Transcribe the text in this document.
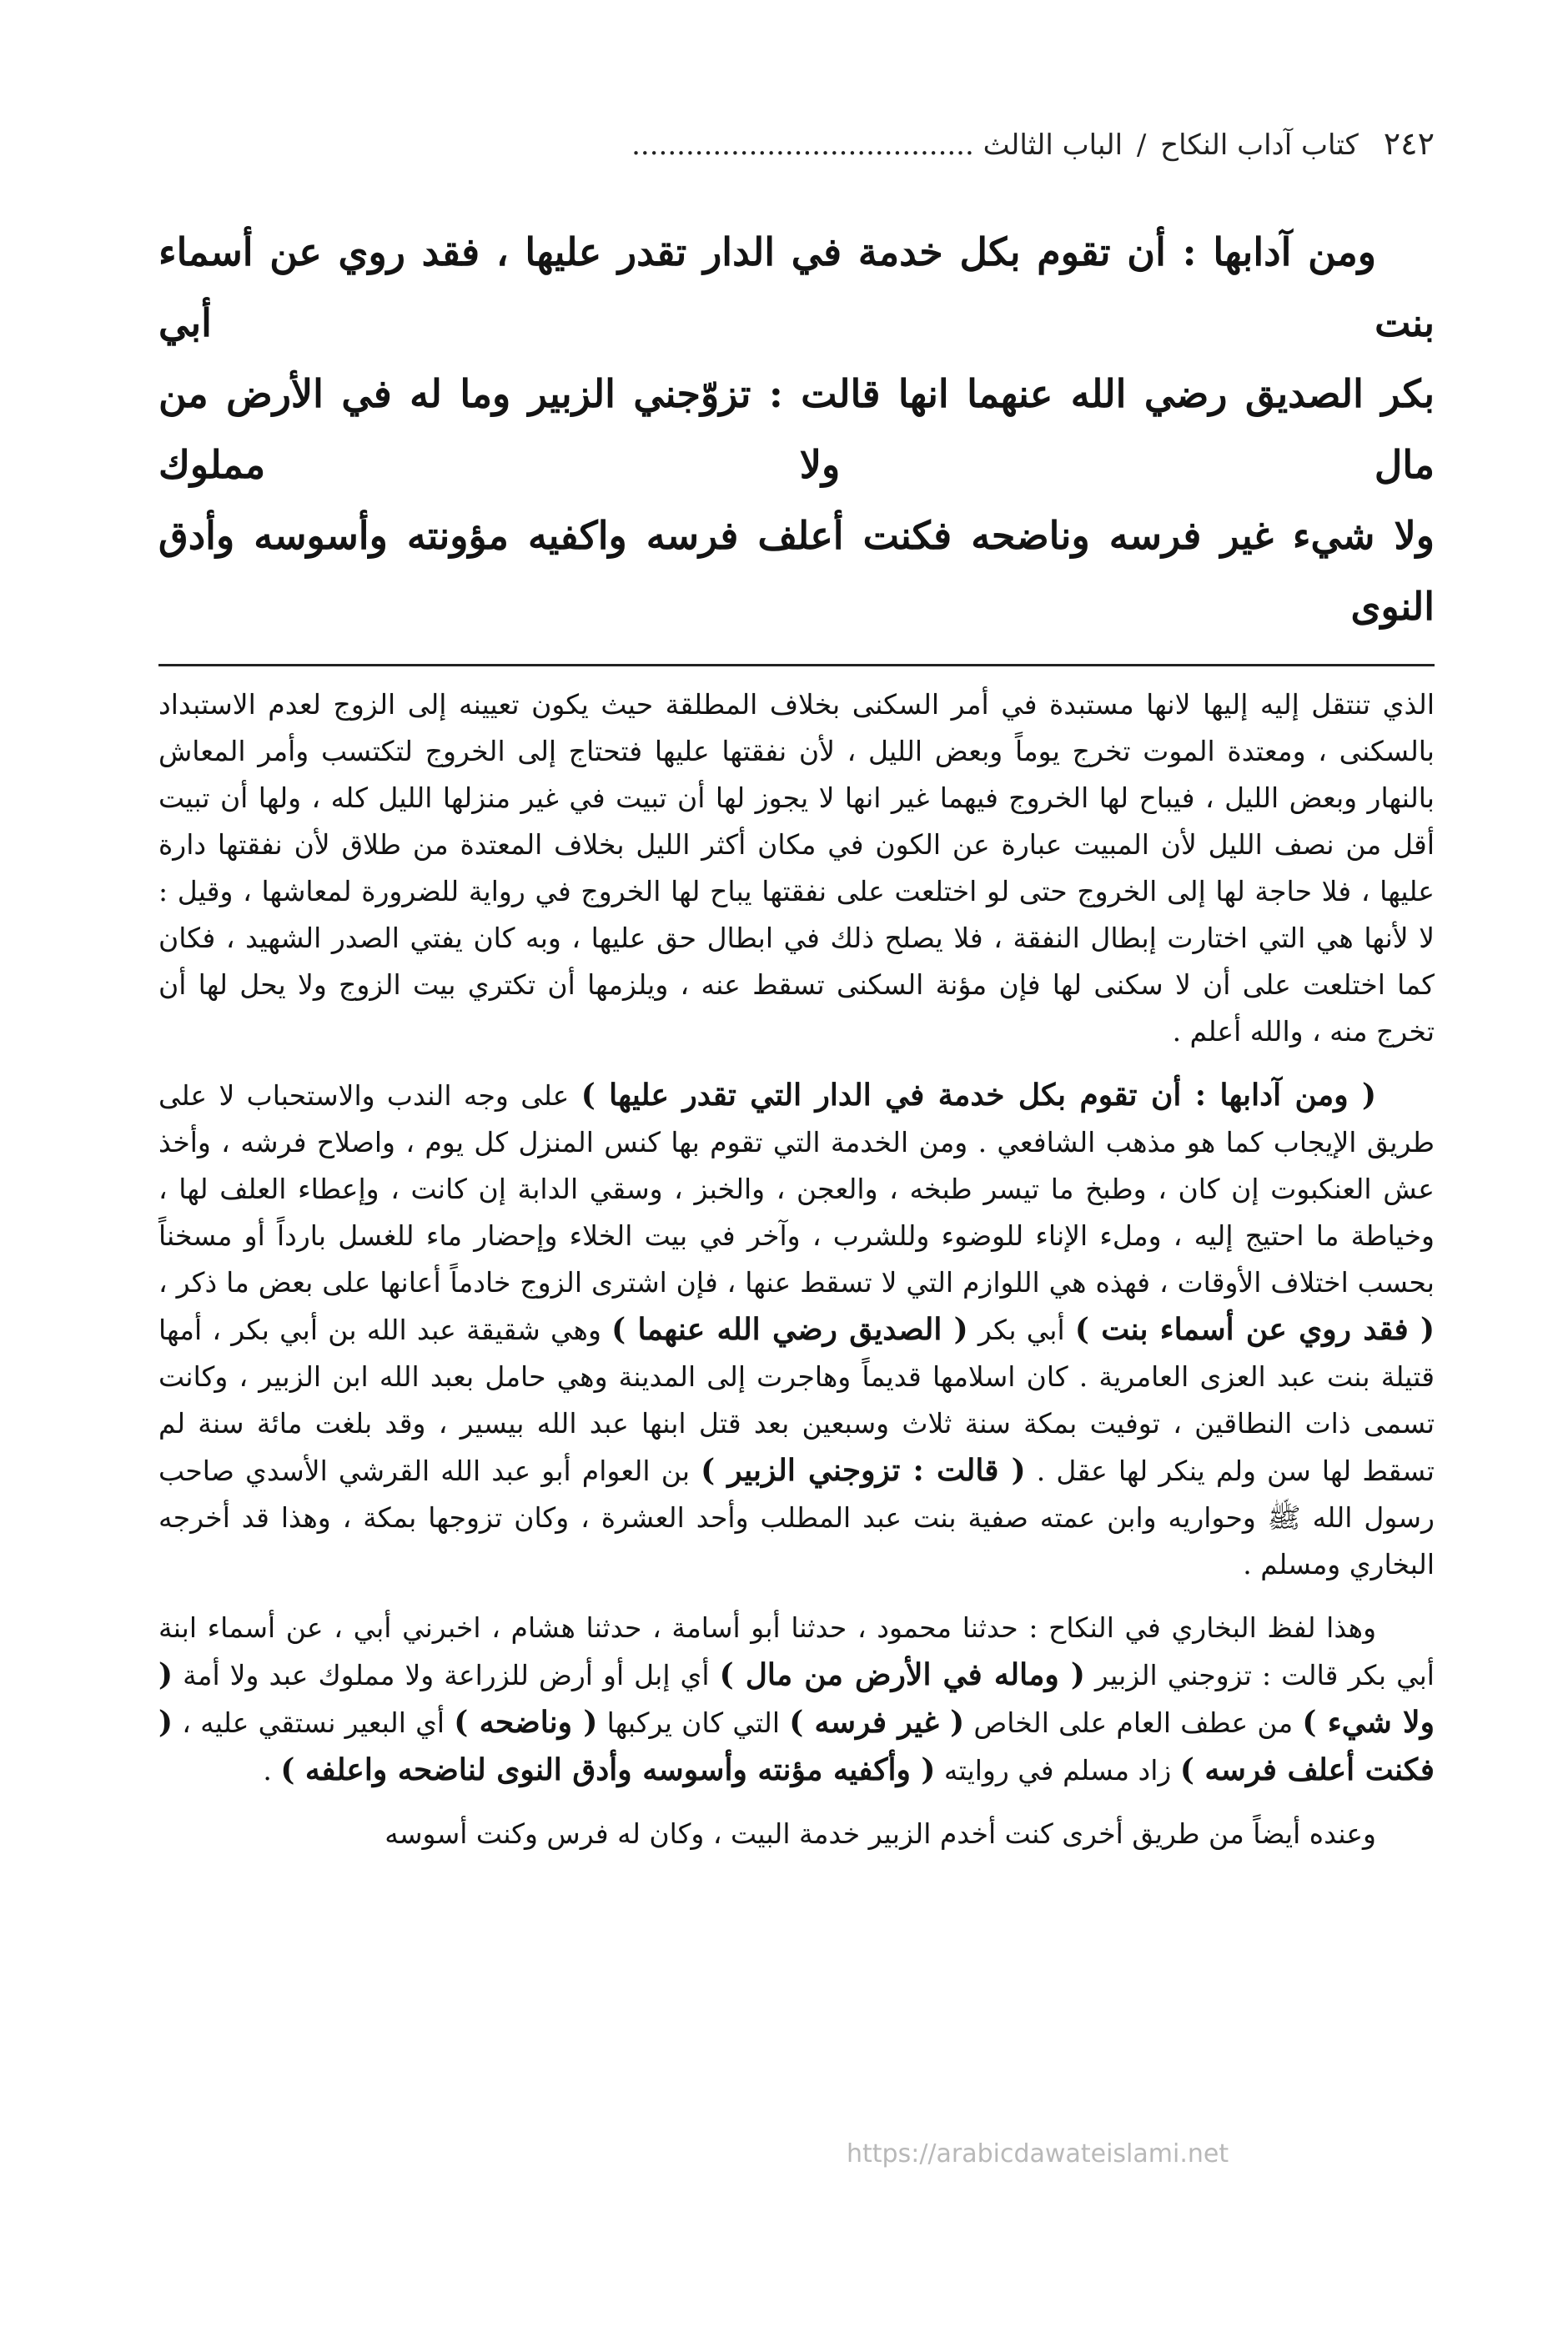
٢٤٢
كتاب آداب النكاح / الباب الثالث ......................................

ومن آدابها : أن تقوم بكل خدمة في الدار تقدر عليها ، فقد روي عن أسماء بنت أبي

بكر الصديق رضي الله عنهما انها قالت : تزوّجني الزبير وما له في الأرض من مال ولا مملوك

ولا شيء غير فرسه وناضحه فكنت أعلف فرسه واكفيه مؤونته وأسوسه وأدق النوى

الذي تنتقل إليه إليها لانها مستبدة في أمر السكنى بخلاف المطلقة حيث يكون تعيينه إلى الزوج لعدم الاستبداد بالسكنى ، ومعتدة الموت تخرج يوماً وبعض الليل ، لأن نفقتها عليها فتحتاج إلى الخروج لتكتسب وأمر المعاش بالنهار وبعض الليل ، فيباح لها الخروج فيهما غير انها لا يجوز لها أن تبيت في غير منزلها الليل كله ، ولها أن تبيت أقل من نصف الليل لأن المبيت عبارة عن الكون في مكان أكثر الليل بخلاف المعتدة من طلاق لأن نفقتها دارة عليها ، فلا حاجة لها إلى الخروج حتى لو اختلعت على نفقتها يباح لها الخروج في رواية للضرورة لمعاشها ، وقيل : لا لأنها هي التي اختارت إبطال النفقة ، فلا يصلح ذلك في ابطال حق عليها ، وبه كان يفتي الصدر الشهيد ، فكان كما اختلعت على أن لا سكنى لها فإن مؤنة السكنى تسقط عنه ، ويلزمها أن تكتري بيت الزوج ولا يحل لها أن تخرج منه ، والله أعلم .

( ومن آدابها : أن تقوم بكل خدمة في الدار التي تقدر عليها ) على وجه الندب والاستحباب لا على طريق الإيجاب كما هو مذهب الشافعي . ومن الخدمة التي تقوم بها كنس المنزل كل يوم ، واصلاح فرشه ، وأخذ عش العنكبوت إن كان ، وطبخ ما تيسر طبخه ، والعجن ، والخبز ، وسقي الدابة إن كانت ، وإعطاء العلف لها ، وخياطة ما احتيج إليه ، وملء الإناء للوضوء وللشرب ، وآخر في بيت الخلاء وإحضار ماء للغسل بارداً أو مسخناً بحسب اختلاف الأوقات ، فهذه هي اللوازم التي لا تسقط عنها ، فإن اشترى الزوج خادماً أعانها على بعض ما ذكر ، ( فقد روي عن أسماء بنت ) أبي بكر ( الصديق رضي الله عنهما ) وهي شقيقة عبد الله بن أبي بكر ، أمها قتيلة بنت عبد العزى العامرية . كان اسلامها قديماً وهاجرت إلى المدينة وهي حامل بعبد الله ابن الزبير ، وكانت تسمى ذات النطاقين ، توفيت بمكة سنة ثلاث وسبعين بعد قتل ابنها عبد الله بيسير ، وقد بلغت مائة سنة لم تسقط لها سن ولم ينكر لها عقل . ( قالت : تزوجني الزبير ) بن العوام أبو عبد الله القرشي الأسدي صاحب رسول الله ﷺ وحواريه وابن عمته صفية بنت عبد المطلب وأحد العشرة ، وكان تزوجها بمكة ، وهذا قد أخرجه البخاري ومسلم .

وهذا لفظ البخاري في النكاح : حدثنا محمود ، حدثنا أبو أسامة ، حدثنا هشام ، اخبرني أبي ، عن أسماء ابنة أبي بكر قالت : تزوجني الزبير ( وماله في الأرض من مال ) أي إبل أو أرض للزراعة ولا مملوك عبد ولا أمة ( ولا شيء ) من عطف العام على الخاص ( غير فرسه ) التي كان يركبها ( وناضحه ) أي البعير نستقي عليه ، ( فكنت أعلف فرسه ) زاد مسلم في روايته ( وأكفيه مؤنته وأسوسه وأدق النوى لناضحه واعلفه ) .

وعنده أيضاً من طريق أخرى كنت أخدم الزبير خدمة البيت ، وكان له فرس وكنت أسوسه

https://arabicdawateislami.net
